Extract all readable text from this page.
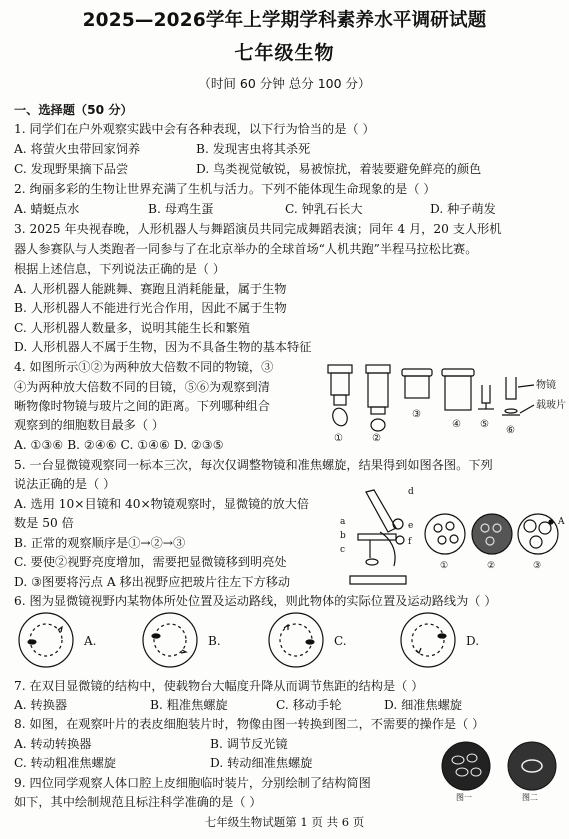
2025—2026学年上学期学科素养水平调研试题
七年级生物
（时间 60 分钟 总分 100 分）
一、选择题（50 分）
1. 同学们在户外观察实践中会有各种表现，以下行为恰当的是（ ）
A. 将萤火虫带回家饲养	B. 发现害虫将其杀死
C. 发现野果摘下品尝	D. 鸟类视觉敏锐，易被惊扰，着装要避免鲜亮的颜色
2. 绚丽多彩的生物让世界充满了生机与活力。下列不能体现生命现象的是（ ）
A. 蜻蜓点水	B. 母鸡生蛋	C. 钟乳石长大	D. 种子萌发
3. 2025 年央视春晚，人形机器人与舞蹈演员共同完成舞蹈表演；同年 4 月，20 支人形机
器人参赛队与人类跑者一同参与了在北京举办的全球首场“人机共跑”半程马拉松比赛。
根据上述信息，下列说法正确的是（ ）
A. 人形机器人能跳舞、赛跑且消耗能量，属于生物
B. 人形机器人不能进行光合作用，因此不属于生物
C. 人形机器人数量多，说明其能生长和繁殖
D. 人形机器人不属于生物，因为不具备生物的基本特征
4. 如图所示①②为两种放大倍数不同的物镜，③
④为两种放大倍数不同的目镜，⑤⑥为观察到清
晰物像时物镜与玻片之间的距离。下列哪种组合
观察到的细胞数目最多（ ）
A. ①③⑥ B. ②④⑥ C. ①④⑥ D. ②③⑤
物镜
载玻片
①	②
③
④ ⑤
⑥
5. 一台显微镜观察同一标本三次，每次仅调整物镜和准焦螺旋，结果得到如图各图。下列
说法正确的是（ ）
A. 选用 10×目镜和 40×物镜观察时，显微镜的放大倍
数是 50 倍
B. 正常的观察顺序是①→②→③
C. 要使②视野亮度增加，需要把显微镜移到明亮处
D. ③图要将污点 A 移出视野应把玻片往左下方移动
d
a
b
c
e
f
A
①	②	③
6. 图为显微镜视野内某物体所处位置及运动路线，则此物体的实际位置及运动路线为（ ）
A.	B.	C.	D.
7. 在双目显微镜的结构中，使载物台大幅度升降从而调节焦距的结构是（ ）
A. 转换器	B. 粗准焦螺旋	C. 移动手轮	D. 细准焦螺旋
8. 如图，在观察叶片的表皮细胞装片时，物像由图一转换到图二，不需要的操作是（ ）
A. 转动转换器	B. 调节反光镜
C. 转动粗准焦螺旋	D. 转动细准焦螺旋
图一	图二
9. 四位同学观察人体口腔上皮细胞临时装片，分别绘制了结构简图
如下，其中绘制规范且标注科学准确的是（ ）
七年级生物试题第 1 页 共 6 页
